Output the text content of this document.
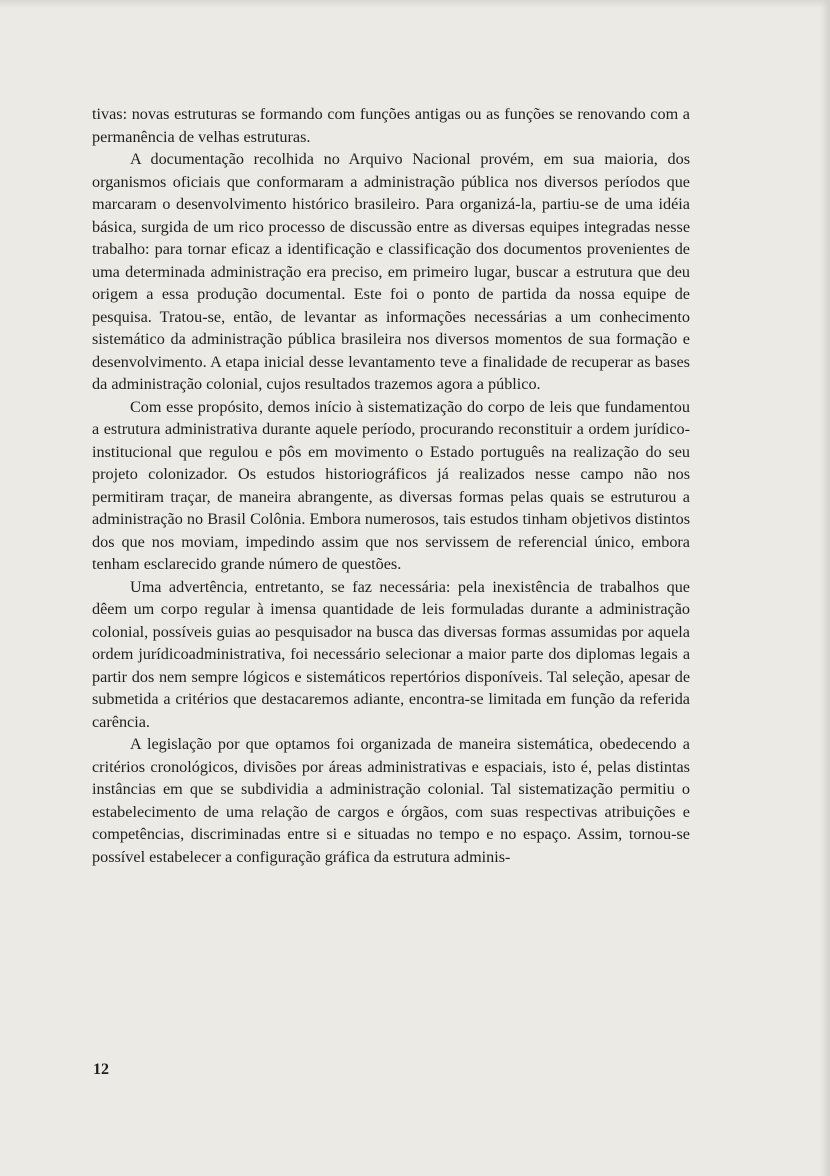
tivas: novas estruturas se formando com funções antigas ou as funções se renovando com a permanência de velhas estruturas.

A documentação recolhida no Arquivo Nacional provém, em sua maioria, dos organismos oficiais que conformaram a administração pública nos diversos períodos que marcaram o desenvolvimento histórico brasileiro. Para organizá-la, partiu-se de uma idéia básica, surgida de um rico processo de discussão entre as diversas equipes integradas nesse trabalho: para tornar eficaz a identificação e classificação dos documentos provenientes de uma determinada administração era preciso, em primeiro lugar, buscar a estrutura que deu origem a essa produção documental. Este foi o ponto de partida da nossa equipe de pesquisa. Tratou-se, então, de levantar as informações necessárias a um conhecimento sistemático da administração pública brasileira nos diversos momentos de sua formação e desenvolvimento. A etapa inicial desse levantamento teve a finalidade de recuperar as bases da administração colonial, cujos resultados trazemos agora a público.

Com esse propósito, demos início à sistematização do corpo de leis que fundamentou a estrutura administrativa durante aquele período, procurando reconstituir a ordem jurídico-institucional que regulou e pôs em movimento o Estado português na realização do seu projeto colonizador. Os estudos historiográficos já realizados nesse campo não nos permitiram traçar, de maneira abrangente, as diversas formas pelas quais se estruturou a administração no Brasil Colônia. Embora numerosos, tais estudos tinham objetivos distintos dos que nos moviam, impedindo assim que nos servissem de referencial único, embora tenham esclarecido grande número de questões.

Uma advertência, entretanto, se faz necessária: pela inexistência de trabalhos que dêem um corpo regular à imensa quantidade de leis formuladas durante a administração colonial, possíveis guias ao pesquisador na busca das diversas formas assumidas por aquela ordem jurídicoadministrativa, foi necessário selecionar a maior parte dos diplomas legais a partir dos nem sempre lógicos e sistemáticos repertórios disponíveis. Tal seleção, apesar de submetida a critérios que destacaremos adiante, encontra-se limitada em função da referida carência.

A legislação por que optamos foi organizada de maneira sistemática, obedecendo a critérios cronológicos, divisões por áreas administrativas e espaciais, isto é, pelas distintas instâncias em que se subdividia a administração colonial. Tal sistematização permitiu o estabelecimento de uma relação de cargos e órgãos, com suas respectivas atribuições e competências, discriminadas entre si e situadas no tempo e no espaço. Assim, tornou-se possível estabelecer a configuração gráfica da estrutura adminis-

12
